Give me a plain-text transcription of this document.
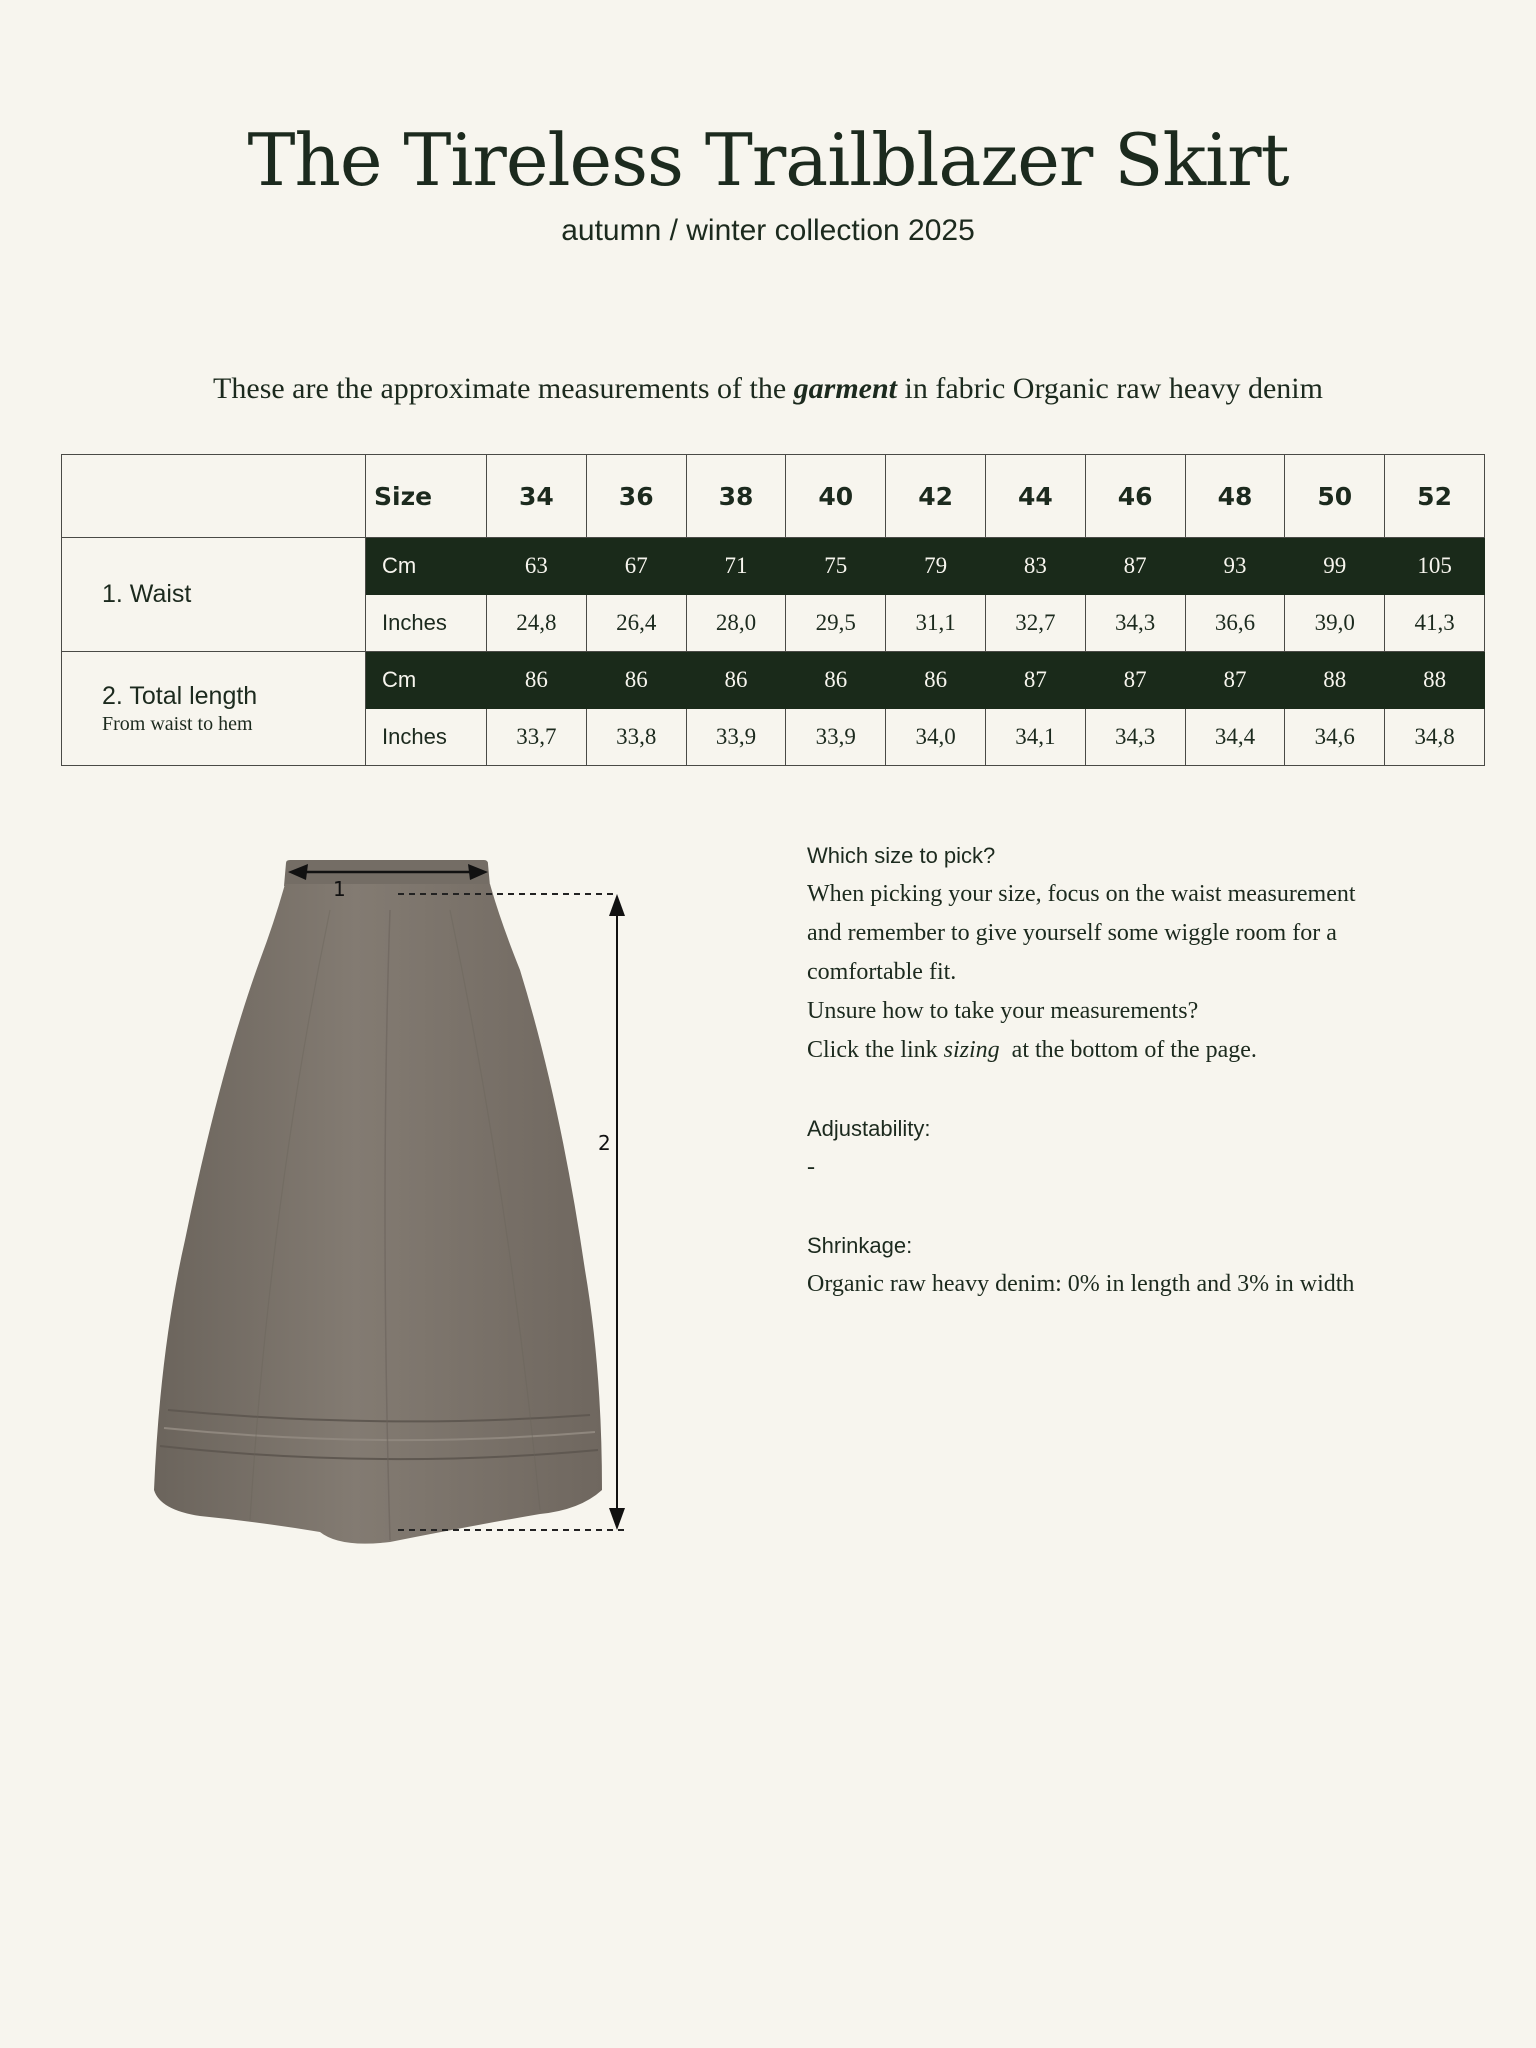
The Tireless Trailblazer Skirt
autumn / winter collection 2025
These are the approximate measurements of the garment in fabric Organic raw heavy denim
	Size	34	36	38	40	42	44	46	48	50	52
1. Waist	Cm	63	67	71	75	79	83	87	93	99	105
	Inches	24,8	26,4	28,0	29,5	31,1	32,7	34,3	36,6	39,0	41,3
2. Total length
From waist to hem	Cm	86	86	86	86	86	87	87	87	88	88
	Inches	33,7	33,8	33,9	33,9	34,0	34,1	34,3	34,4	34,6	34,8
1
2

Which size to pick?

When picking your size, focus on the waist measurement

and remember to give yourself some wiggle room for a

comfortable fit.

Unsure how to take your measurements?

Click the link sizing  at the bottom of the page.

Adjustability:

-

Shrinkage:

Organic raw heavy denim: 0% in length and 3% in width
